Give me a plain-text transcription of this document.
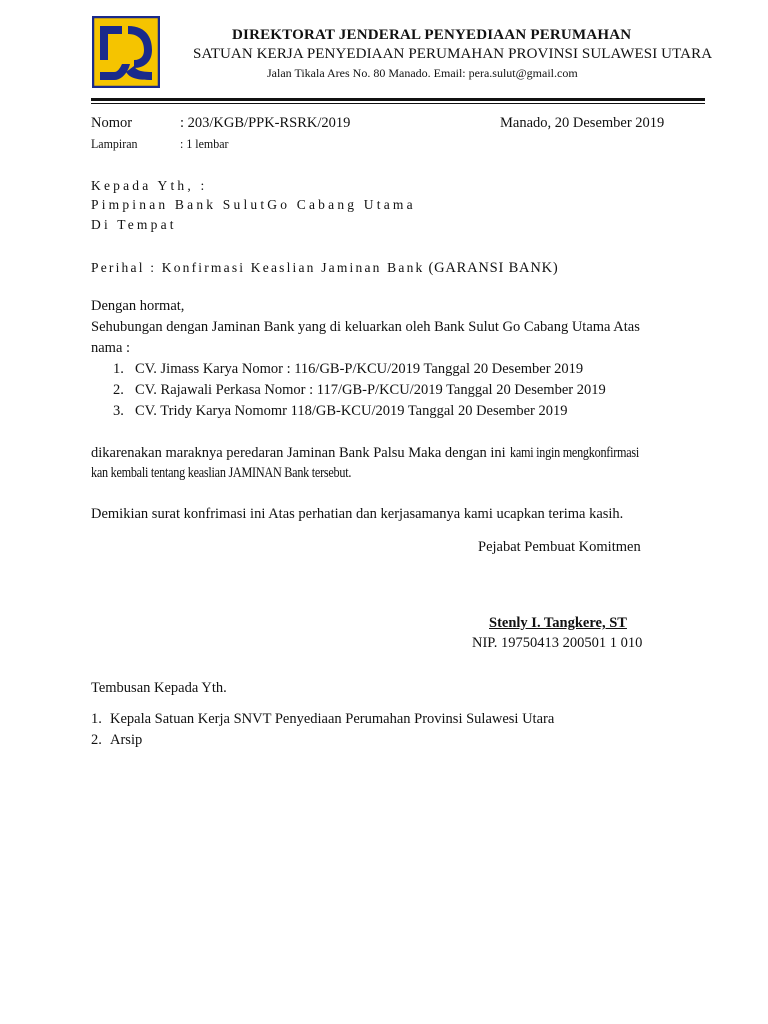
DIREKTORAT JENDERAL PENYEDIAAN PERUMAHAN
SATUAN KERJA PENYEDIAAN PERUMAHAN PROVINSI SULAWESI UTARA
Jalan Tikala Ares No. 80 Manado. Email: pera.sulut@gmail.com
Nomor	: 203/KGB/PPK-RSRK/2019	Manado, 20 Desember 2019
Lampiran	: 1 lembar
Kepada Yth, :
Pimpinan Bank SulutGo Cabang Utama
Di Tempat
Perihal : Konfirmasi Keaslian Jaminan Bank (GARANSI BANK)
Dengan hormat,
Sehubungan dengan Jaminan Bank yang di keluarkan oleh Bank Sulut Go Cabang Utama Atas
nama :
1. CV. Jimass Karya Nomor : 116/GB-P/KCU/2019 Tanggal 20 Desember 2019
2. CV. Rajawali Perkasa Nomor : 117/GB-P/KCU/2019 Tanggal 20 Desember 2019
3. CV. Tridy Karya Nomomr 118/GB-KCU/2019 Tanggal 20 Desember 2019
dikarenakan maraknya peredaran Jaminan Bank Palsu Maka dengan ini kami ingin mengkonfirmasi
kan kembali tentang keaslian JAMINAN Bank tersebut.
Demikian surat konfrimasi ini Atas perhatian dan kerjasamanya kami ucapkan terima kasih.
Pejabat Pembuat Komitmen
Stenly I. Tangkere, ST
NIP. 19750413 200501 1 010
Tembusan Kepada Yth.
1. Kepala Satuan Kerja SNVT Penyediaan Perumahan Provinsi Sulawesi Utara
2. Arsip
